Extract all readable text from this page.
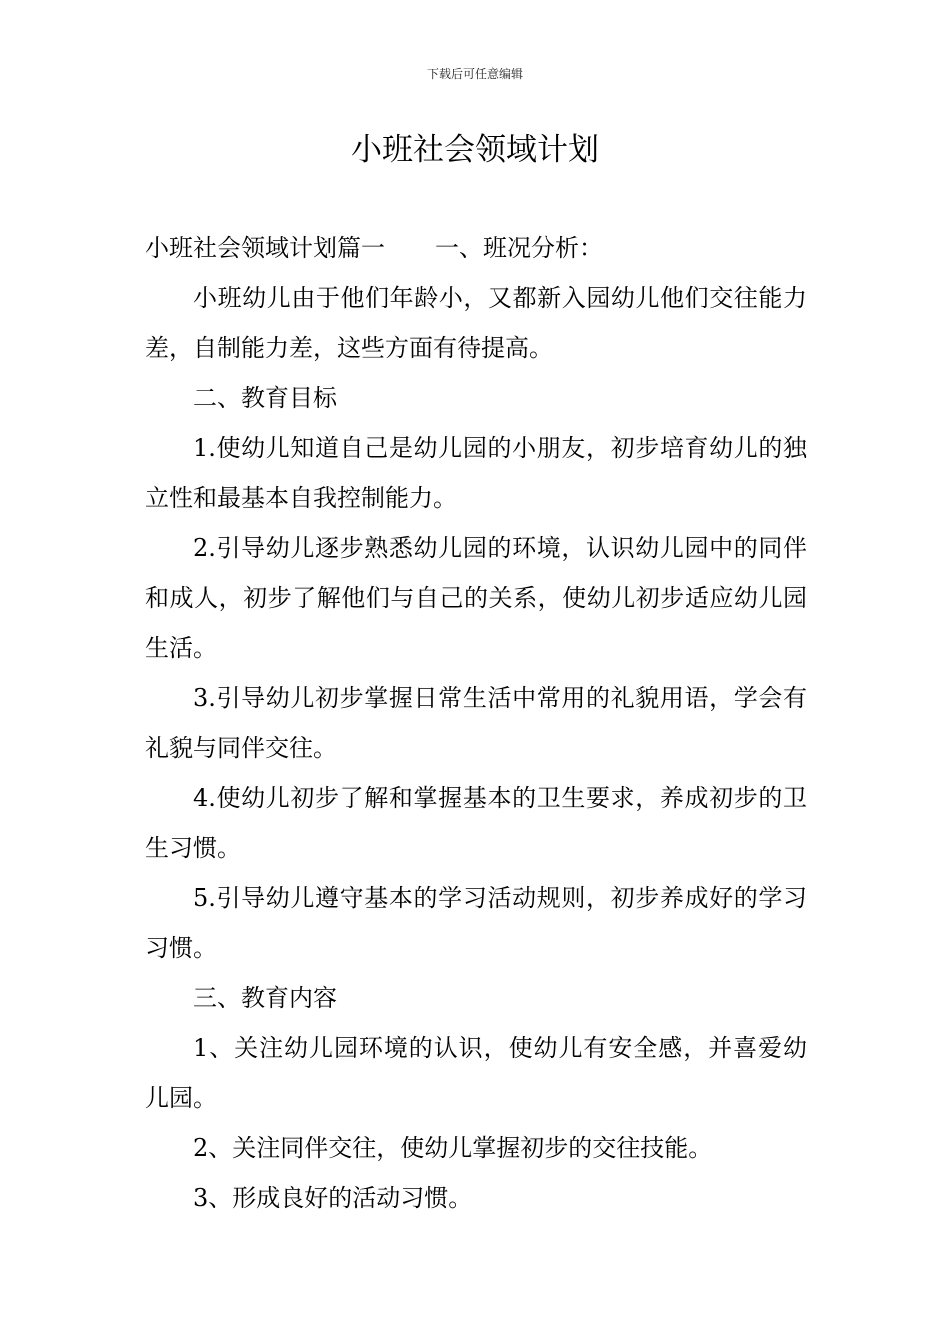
下载后可任意编辑
小班社会领域计划

小班社会领域计划篇一 一、班况分析：

小班幼儿由于他们年龄小，又都新入园幼儿他们交往能力差，自制能力差，这些方面有待提高。

二、教育目标

1.使幼儿知道自己是幼儿园的小朋友，初步培育幼儿的独立性和最基本自我控制能力。

2.引导幼儿逐步熟悉幼儿园的环境，认识幼儿园中的同伴和成人，初步了解他们与自己的关系，使幼儿初步适应幼儿园生活。

3.引导幼儿初步掌握日常生活中常用的礼貌用语，学会有礼貌与同伴交往。

4.使幼儿初步了解和掌握基本的卫生要求，养成初步的卫生习惯。

5.引导幼儿遵守基本的学习活动规则，初步养成好的学习习惯。

三、教育内容

1、关注幼儿园环境的认识，使幼儿有安全感，并喜爱幼儿园。

2、关注同伴交往，使幼儿掌握初步的交往技能。

3、形成良好的活动习惯。
